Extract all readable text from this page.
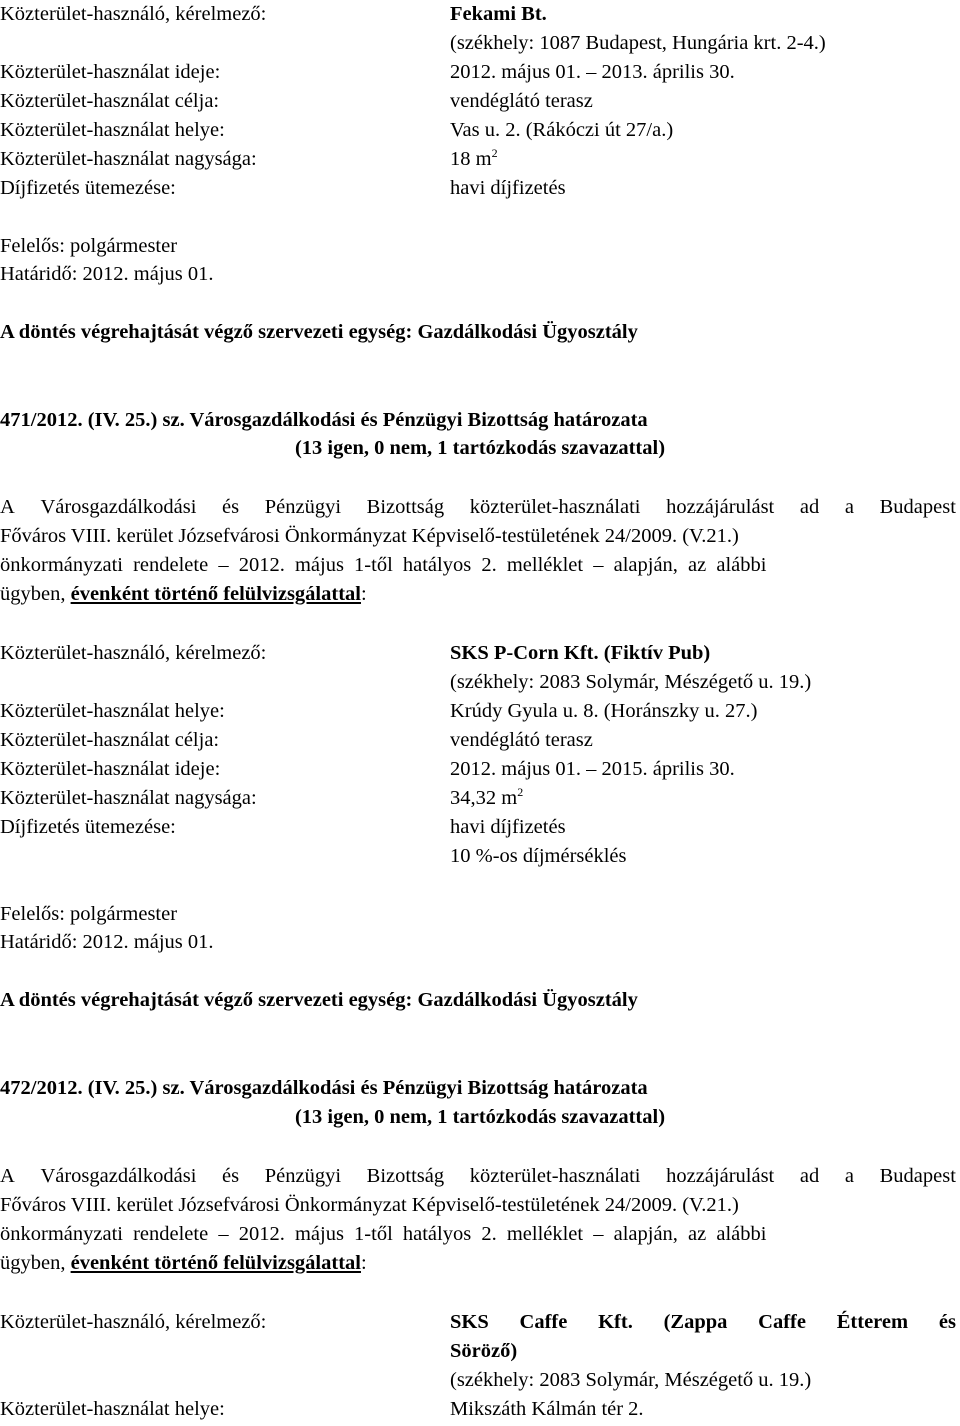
Közterület-használó, kérelmező:	Fekami Bt.
(székhely: 1087 Budapest, Hungária krt. 2-4.)
Közterület-használat ideje:	2012. május 01. – 2013. április 30.
Közterület-használat célja:	vendéglátó terasz
Közterület-használat helye:	Vas u. 2. (Rákóczi út 27/a.)
Közterület-használat nagysága:	18 $m^2$
Díjfizetés ütemezése:	havi díjfizetés
Felelős: polgármester
Határidő: 2012. május 01.
A döntés végrehajtását végző szervezeti egység: Gazdálkodási Ügyosztály
471/2012. (IV. 25.) sz. Városgazdálkodási és Pénzügyi Bizottság határozata
(13 igen, 0 nem, 1 tartózkodás szavazattal)
A Városgazdálkodási és Pénzügyi Bizottság közterület-használati hozzájárulást ad a Budapest
Főváros VIII. kerület Józsefvárosi Önkormányzat Képviselő-testületének 24/2009. (V.21.)
önkormányzati rendelete – 2012. május 1-től hatályos 2. melléklet – alapján, az alábbi
ügyben, évenként történő felülvizsgálattal:
Közterület-használó, kérelmező:	SKS P-Corn Kft. (Fiktív Pub)
(székhely: 2083 Solymár, Mészégető u. 19.)
Közterület-használat helye:	Krúdy Gyula u. 8. (Horánszky u. 27.)
Közterület-használat célja:	vendéglátó terasz
Közterület-használat ideje:	2012. május 01. – 2015. április 30.
Közterület-használat nagysága:	34,32 $m^2$
Díjfizetés ütemezése:	havi díjfizetés
10 %-os díjmérséklés
Felelős: polgármester
Határidő: 2012. május 01.
A döntés végrehajtását végző szervezeti egység: Gazdálkodási Ügyosztály
472/2012. (IV. 25.) sz. Városgazdálkodási és Pénzügyi Bizottság határozata
(13 igen, 0 nem, 1 tartózkodás szavazattal)
A Városgazdálkodási és Pénzügyi Bizottság közterület-használati hozzájárulást ad a Budapest
Főváros VIII. kerület Józsefvárosi Önkormányzat Képviselő-testületének 24/2009. (V.21.)
önkormányzati rendelete – 2012. május 1-től hatályos 2. melléklet – alapján, az alábbi
ügyben, évenként történő felülvizsgálattal:
Közterület-használó, kérelmező:	SKS Caffe Kft. (Zappa Caffe Étterem és
Söröző)
(székhely: 2083 Solymár, Mészégető u. 19.)
Közterület-használat helye:	Mikszáth Kálmán tér 2.
